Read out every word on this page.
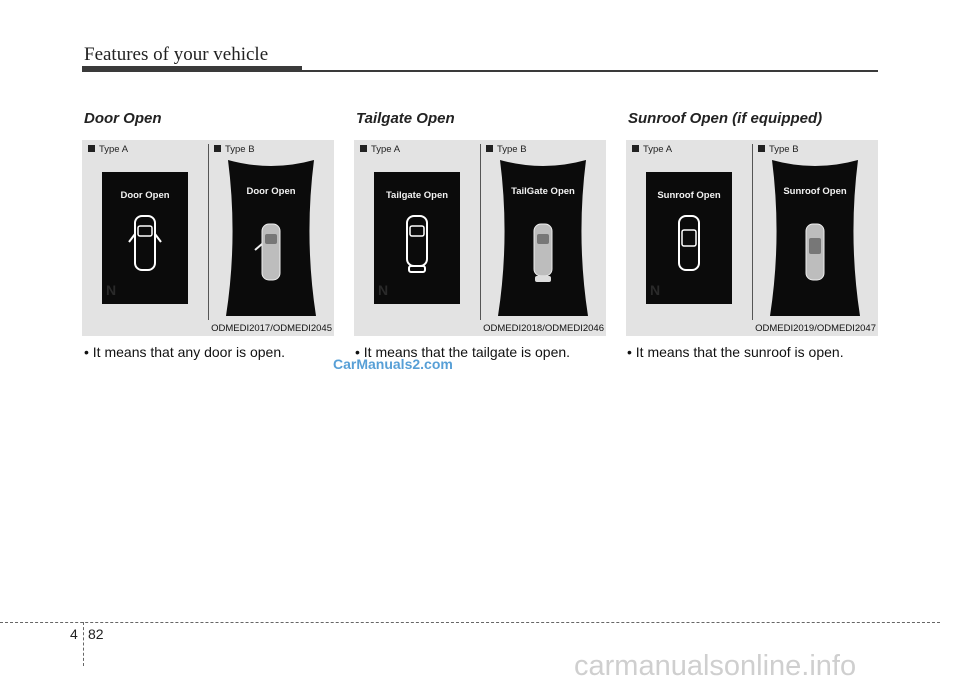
Features of your vehicle
Door Open
Type A	Type B
Door Open
N
Door Open
ODMEDI2017/ODMEDI2045
Tailgate Open
Type A	Type B
Tailgate Open
N
TailGate Open
ODMEDI2018/ODMEDI2046
Sunroof Open (if equipped)
Type A	Type B
Sunroof Open
N
Sunroof Open
ODMEDI2019/ODMEDI2047
• It means that any door is open.	• It means that the tailgate is open.	• It means that the sunroof is open.
CarManuals2.com
4 82
carmanualsonline.info
